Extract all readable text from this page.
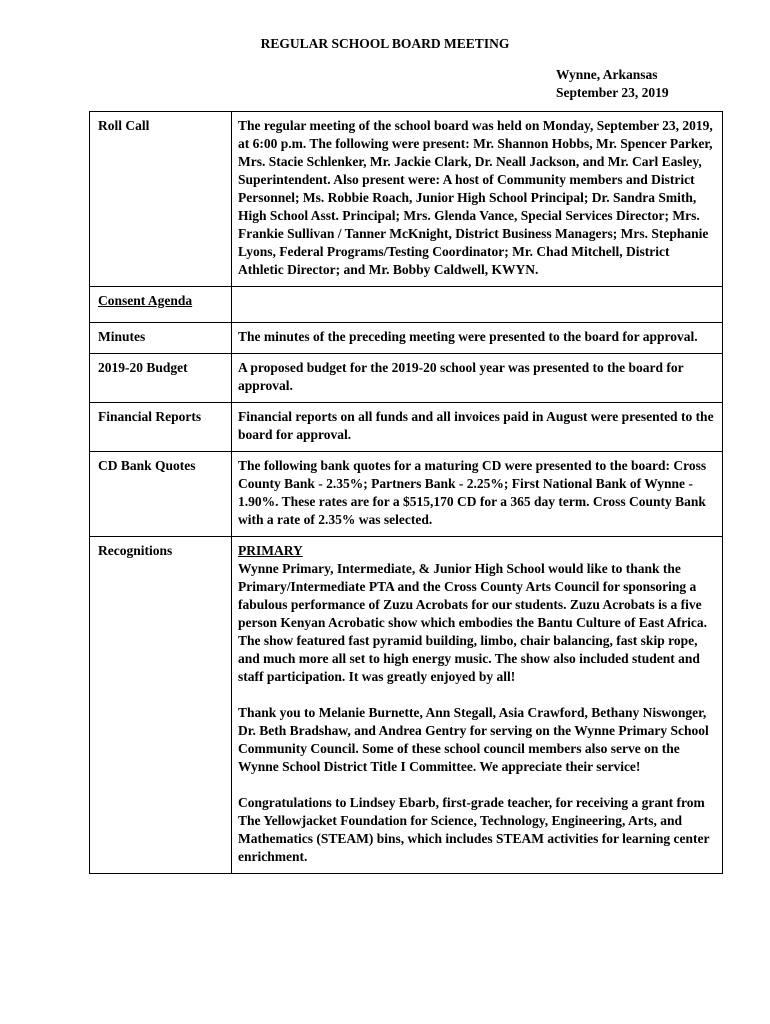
REGULAR SCHOOL BOARD MEETING
Wynne, Arkansas
September 23, 2019
Roll Call	The regular meeting of the school board was held on Monday, September 23, 2019, at 6:00 p.m. The following were present: Mr. Shannon Hobbs, Mr. Spencer Parker, Mrs. Stacie Schlenker, Mr. Jackie Clark, Dr. Neall Jackson, and Mr. Carl Easley, Superintendent. Also present were: A host of Community members and District Personnel; Ms. Robbie Roach, Junior High School Principal; Dr. Sandra Smith, High School Asst. Principal; Mrs. Glenda Vance, Special Services Director; Mrs. Frankie Sullivan / Tanner McKnight, District Business Managers; Mrs. Stephanie Lyons, Federal Programs/Testing Coordinator; Mr. Chad Mitchell, District Athletic Director; and Mr. Bobby Caldwell, KWYN.
Consent Agenda	
Minutes	The minutes of the preceding meeting were presented to the board for approval.
2019-20 Budget	A proposed budget for the 2019-20 school year was presented to the board for approval.
Financial Reports	Financial reports on all funds and all invoices paid in August were presented to the board for approval.
CD Bank Quotes	The following bank quotes for a maturing CD were presented to the board: Cross County Bank - 2.35%; Partners Bank - 2.25%; First National Bank of Wynne - 1.90%. These rates are for a $515,170 CD for a 365 day term. Cross County Bank with a rate of 2.35% was selected.
Recognitions	PRIMARY

Wynne Primary, Intermediate, & Junior High School would like to thank the Primary/Intermediate PTA and the Cross County Arts Council for sponsoring a fabulous performance of Zuzu Acrobats for our students. Zuzu Acrobats is a five person Kenyan Acrobatic show which embodies the Bantu Culture of East Africa. The show featured fast pyramid building, limbo, chair balancing, fast skip rope, and much more all set to high energy music. The show also included student and staff participation. It was greatly enjoyed by all!

Thank you to Melanie Burnette, Ann Stegall, Asia Crawford, Bethany Niswonger, Dr. Beth Bradshaw, and Andrea Gentry for serving on the Wynne Primary School Community Council. Some of these school council members also serve on the Wynne School District Title I Committee. We appreciate their service!

Congratulations to Lindsey Ebarb, first-grade teacher, for receiving a grant from The Yellowjacket Foundation for Science, Technology, Engineering, Arts, and Mathematics (STEAM) bins, which includes STEAM activities for learning center enrichment.
